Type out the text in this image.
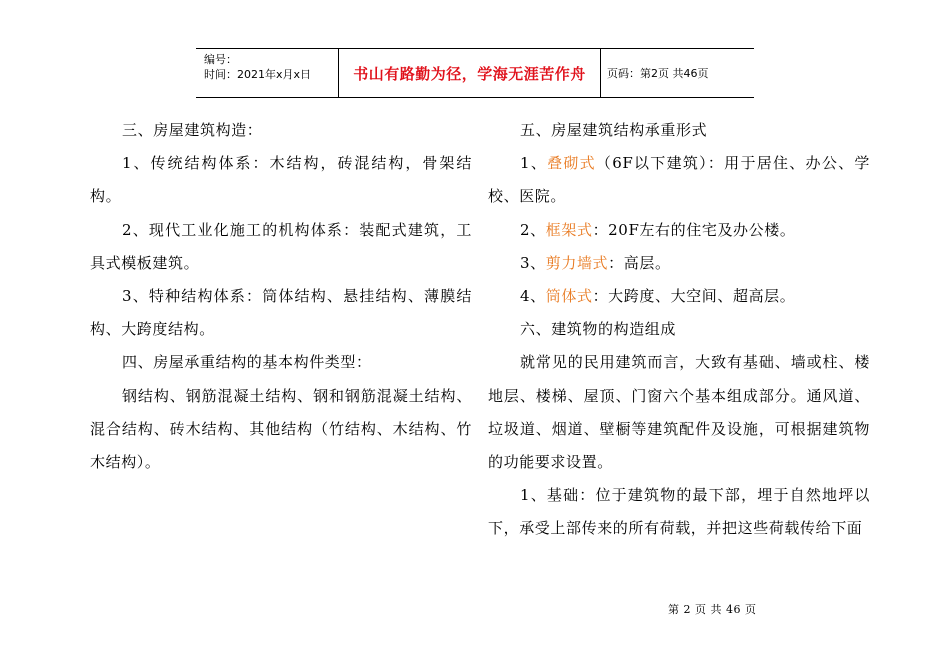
编号：
时间：2021年x月x日	书山有路勤为径，学海无涯苦作舟 页码：第2页 共46页

三、房屋建筑构造：

1、传统结构体系：木结构，砖混结构，骨架结构。

2、现代工业化施工的机构体系：装配式建筑，工具式模板建筑。

3、特种结构体系：筒体结构、悬挂结构、薄膜结构、大跨度结构。

四、房屋承重结构的基本构件类型：

钢结构、钢筋混凝土结构、钢和钢筋混凝土结构、混合结构、砖木结构、其他结构（竹结构、木结构、竹木结构）。

五、房屋建筑结构承重形式

1、叠砌式（6F以下建筑）：用于居住、办公、学校、医院。

2、框架式：20F左右的住宅及办公楼。

3、剪力墙式：高层。

4、筒体式：大跨度、大空间、超高层。

六、建筑物的构造组成

就常见的民用建筑而言，大致有基础、墙或柱、楼地层、楼梯、屋顶、门窗六个基本组成部分。通风道、垃圾道、烟道、壁橱等建筑配件及设施，可根据建筑物的功能要求设置。

1、基础：位于建筑物的最下部，埋于自然地坪以下，承受上部传来的所有荷载，并把这些荷载传给下面

第 2 页 共 46 页
